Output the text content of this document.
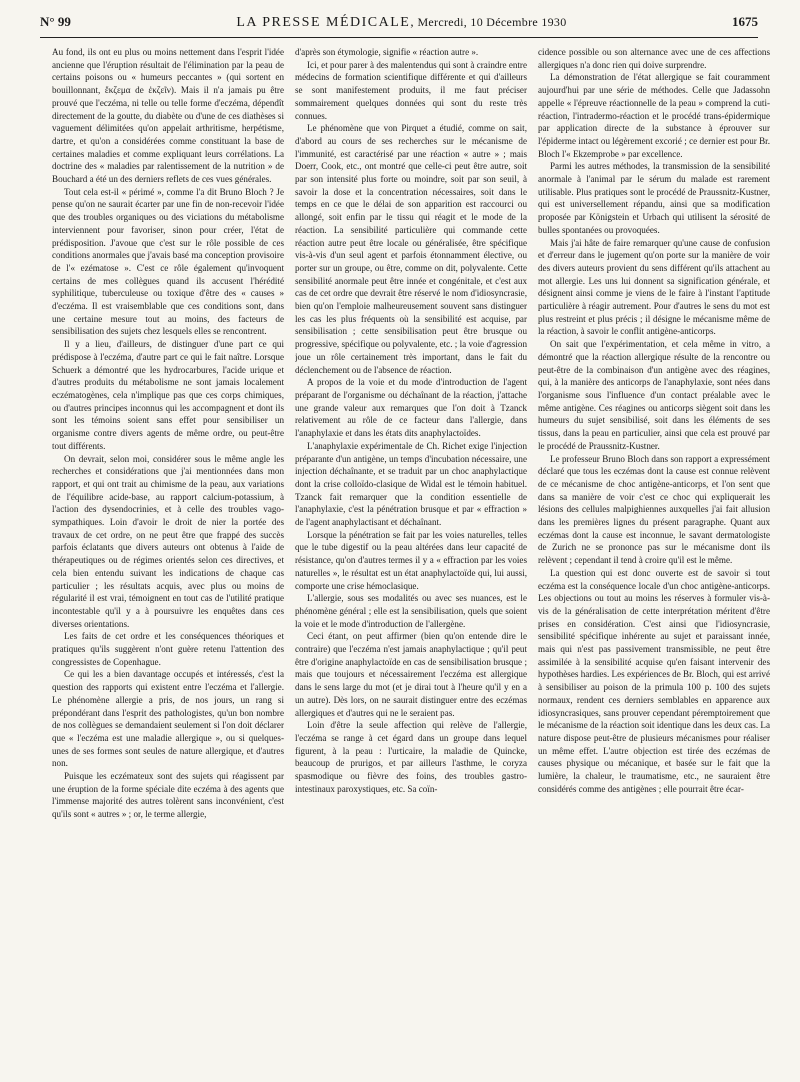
N° 99	LA PRESSE MÉDICALE, Mercredi, 10 Décembre 1930	1675

Au fond, ils ont eu plus ou moins nettement dans l'esprit l'idée ancienne que l'éruption résultait de l'élimination par la peau de certains poisons ou « humeurs peccantes » (qui sortent en bouillonnant, ἔκζεμα de ἐκζεῖν). Mais il n'a jamais pu être prouvé que l'eczéma, ni telle ou telle forme d'eczéma, dépendît directement de la goutte, du diabète ou d'une de ces diathèses si vaguement délimitées qu'on appelait arthritisme, herpétisme, dartre, et qu'on a considérées comme constituant la base de certaines maladies et comme expliquant leurs corrélations. La doctrine des « maladies par ralentissement de la nutrition » de Bouchard a été un des derniers reflets de ces vues générales.

Tout cela est-il « périmé », comme l'a dit Bruno Bloch ? Je pense qu'on ne saurait écarter par une fin de non-recevoir l'idée que des troubles organiques ou des viciations du métabolisme interviennent pour favoriser, sinon pour créer, l'état de prédisposition. J'avoue que c'est sur le rôle possible de ces conditions anormales que j'avais basé ma conception provisoire de l'« ezématose ». C'est ce rôle également qu'invoquent certains de mes collègues quand ils accusent l'hérédité syphilitique, tuberculeuse ou toxique d'être des « causes » d'eczéma. Il est vraisemblable que ces conditions sont, dans une certaine mesure tout au moins, des facteurs de sensibilisation des sujets chez lesquels elles se rencontrent.

Il y a lieu, d'ailleurs, de distinguer d'une part ce qui prédispose à l'eczéma, d'autre part ce qui le fait naître. Lorsque Schuerk a démontré que les hydrocarbures, l'acide urique et d'autres produits du métabolisme ne sont jamais localement eczématogènes, cela n'implique pas que ces corps chimiques, ou d'autres principes inconnus qui les accompagnent et dont ils sont les témoins soient sans effet pour sensibiliser un organisme contre divers agents de même ordre, ou peut-être tout différents.

On devrait, selon moi, considérer sous le même angle les recherches et considérations que j'ai mentionnées dans mon rapport, et qui ont trait au chimisme de la peau, aux variations de l'équilibre acide-base, au rapport calcium-potassium, à l'action des dysendocrinies, et à celle des troubles vago-sympathiques. Loin d'avoir le droit de nier la portée des travaux de cet ordre, on ne peut être que frappé des succès parfois éclatants que divers auteurs ont obtenus à l'aide de thérapeutiques ou de régimes orientés selon ces directives, et cela bien entendu suivant les indications de chaque cas particulier ; les résultats acquis, avec plus ou moins de régularité il est vrai, témoignent en tout cas de l'utilité pratique incontestable qu'il y a à poursuivre les enquêtes dans ces diverses orientations.

Les faits de cet ordre et les conséquences théoriques et pratiques qu'ils suggèrent n'ont guère retenu l'attention des congressistes de Copenhague.

Ce qui les a bien davantage occupés et intéressés, c'est la question des rapports qui existent entre l'eczéma et l'allergie. Le phénomène allergie a pris, de nos jours, un rang si prépondérant dans l'esprit des pathologistes, qu'un bon nombre de nos collègues se demandaient seulement si l'on doit déclarer que « l'eczéma est une maladie allergique », ou si quelques-unes de ses formes sont seules de nature allergique, et d'autres non.

Puisque les eczémateux sont des sujets qui réagissent par une éruption de la forme spéciale dite eczéma à des agents que l'immense majorité des autres tolèrent sans inconvénient, c'est qu'ils sont « autres » ; or, le terme allergie,

d'après son étymologie, signifie « réaction autre ».

Ici, et pour parer à des malentendus qui sont à craindre entre médecins de formation scientifique différente et qui d'ailleurs se sont manifestement produits, il me faut préciser sommairement quelques données qui sont du reste très connues.

Le phénomène que von Pirquet a étudié, comme on sait, d'abord au cours de ses recherches sur le mécanisme de l'immunité, est caractérisé par une réaction « autre » ; mais Doerr, Cook, etc., ont montré que celle-ci peut être autre, soit par son intensité plus forte ou moindre, soit par son seuil, à savoir la dose et la concentration nécessaires, soit dans le temps en ce que le délai de son apparition est raccourci ou allongé, soit enfin par le tissu qui réagit et le mode de la réaction. La sensibilité particulière qui commande cette réaction autre peut être locale ou généralisée, être spécifique vis-à-vis d'un seul agent et parfois étonnamment élective, ou porter sur un groupe, ou être, comme on dit, polyvalente. Cette sensibilité anormale peut être innée et congénitale, et c'est aux cas de cet ordre que devrait être réservé le nom d'idiosyncrasie, bien qu'on l'emploie malheureusement souvent sans distinguer les cas les plus fréquents où la sensibilité est acquise, par sensibilisation ; cette sensibilisation peut être brusque ou progressive, spécifique ou polyvalente, etc. ; la voie d'agression joue un rôle certainement très important, dans le fait du déclenchement ou de l'absence de réaction.

A propos de la voie et du mode d'introduction de l'agent préparant de l'organisme ou déchaînant de la réaction, j'attache une grande valeur aux remarques que l'on doit à Tzanck relativement au rôle de ce facteur dans l'allergie, dans l'anaphylaxie et dans les états dits anaphylactoïdes.

L'anaphylaxie expérimentale de Ch. Richet exige l'injection préparante d'un antigène, un temps d'incubation nécessaire, une injection déchaînante, et se traduit par un choc anaphylactique dont la crise colloïdo-clasique de Widal est le témoin habituel. Tzanck fait remarquer que la condition essentielle de l'anaphylaxie, c'est la pénétration brusque et par « effraction » de l'agent anaphylactisant et déchaînant.

Lorsque la pénétration se fait par les voies naturelles, telles que le tube digestif ou la peau altérées dans leur capacité de résistance, qu'on d'autres termes il y a « effraction par les voies naturelles », le résultat est un état anaphylactoïde qui, lui aussi, comporte une crise hémoclasique.

L'allergie, sous ses modalités ou avec ses nuances, est le phénomène général ; elle est la sensibilisation, quels que soient la voie et le mode d'introduction de l'allergène.

Ceci étant, on peut affirmer (bien qu'on entende dire le contraire) que l'eczéma n'est jamais anaphylactique ; qu'il peut être d'origine anaphylactoïde en cas de sensibilisation brusque ; mais que toujours et nécessairement l'eczéma est allergique dans le sens large du mot (et je dirai tout à l'heure qu'il y en a un autre). Dès lors, on ne saurait distinguer entre des eczémas allergiques et d'autres qui ne le seraient pas.

Loin d'être la seule affection qui relève de l'allergie, l'eczéma se range à cet égard dans un groupe dans lequel figurent, à la peau : l'urticaire, la maladie de Quincke, beaucoup de prurigos, et par ailleurs l'asthme, le coryza spasmodique ou fièvre des foins, des troubles gastro-intestinaux paroxystiques, etc. Sa coïn-

cidence possible ou son alternance avec une de ces affections allergiques n'a donc rien qui doive surprendre.

La démonstration de l'état allergique se fait couramment aujourd'hui par une série de méthodes. Celle que Jadassohn appelle « l'épreuve réactionnelle de la peau » comprend la cuti-réaction, l'intradermo-réaction et le procédé trans-épidermique par application directe de la substance à éprouver sur l'épiderme intact ou légèrement excorié ; ce dernier est pour Br. Bloch l'« Ekzemprobe » par excellence.

Parmi les autres méthodes, la transmission de la sensibilité anormale à l'animal par le sérum du malade est rarement utilisable. Plus pratiques sont le procédé de Praussnitz-Kustner, qui est universellement répandu, ainsi que sa modification proposée par Königstein et Urbach qui utilisent la sérosité de bulles spontanées ou provoquées.

Mais j'ai hâte de faire remarquer qu'une cause de confusion et d'erreur dans le jugement qu'on porte sur la manière de voir des divers auteurs provient du sens différent qu'ils attachent au mot allergie. Les uns lui donnent sa signification générale, et désignent ainsi comme je viens de le faire à l'instant l'aptitude particulière à réagir autrement. Pour d'autres le sens du mot est plus restreint et plus précis ; il désigne le mécanisme même de la réaction, à savoir le conflit antigène-anticorps.

On sait que l'expérimentation, et cela même in vitro, a démontré que la réaction allergique résulte de la rencontre ou peut-être de la combinaison d'un antigène avec des réagines, qui, à la manière des anticorps de l'anaphylaxie, sont nées dans l'organisme sous l'influence d'un contact préalable avec le même antigène. Ces réagines ou anticorps siègent soit dans les humeurs du sujet sensibilisé, soit dans les éléments de ses tissus, dans la peau en particulier, ainsi que cela est prouvé par le procédé de Praussnitz-Kustner.

Le professeur Bruno Bloch dans son rapport a expressément déclaré que tous les eczémas dont la cause est connue relèvent de ce mécanisme de choc antigène-anticorps, et l'on sent que dans sa manière de voir c'est ce choc qui expliquerait les lésions des cellules malpighiennes auxquelles j'ai fait allusion dans les premières lignes du présent paragraphe. Quant aux eczémas dont la cause est inconnue, le savant dermatologiste de Zurich ne se prononce pas sur le mécanisme dont ils relèvent ; cependant il tend à croire qu'il est le même.

La question qui est donc ouverte est de savoir si tout eczéma est la conséquence locale d'un choc antigène-anticorps. Les objections ou tout au moins les réserves à formuler vis-à-vis de la généralisation de cette interprétation méritent d'être prises en considération. C'est ainsi que l'idiosyncrasie, sensibilité spécifique inhérente au sujet et paraissant innée, mais qui n'est pas passivement transmissible, ne peut être assimilée à la sensibilité acquise qu'en faisant intervenir des hypothèses hardies. Les expériences de Br. Bloch, qui est arrivé à sensibiliser au poison de la primula 100 p. 100 des sujets normaux, rendent ces derniers semblables en apparence aux idiosyncrasiques, sans prouver cependant péremptoirement que le mécanisme de la réaction soit identique dans les deux cas. La nature dispose peut-être de plusieurs mécanismes pour réaliser un même effet. L'autre objection est tirée des eczémas de causes physique ou mécanique, et basée sur le fait que la lumière, la chaleur, le traumatisme, etc., ne sauraient être considérés comme des antigènes ; elle pourrait être écar-
